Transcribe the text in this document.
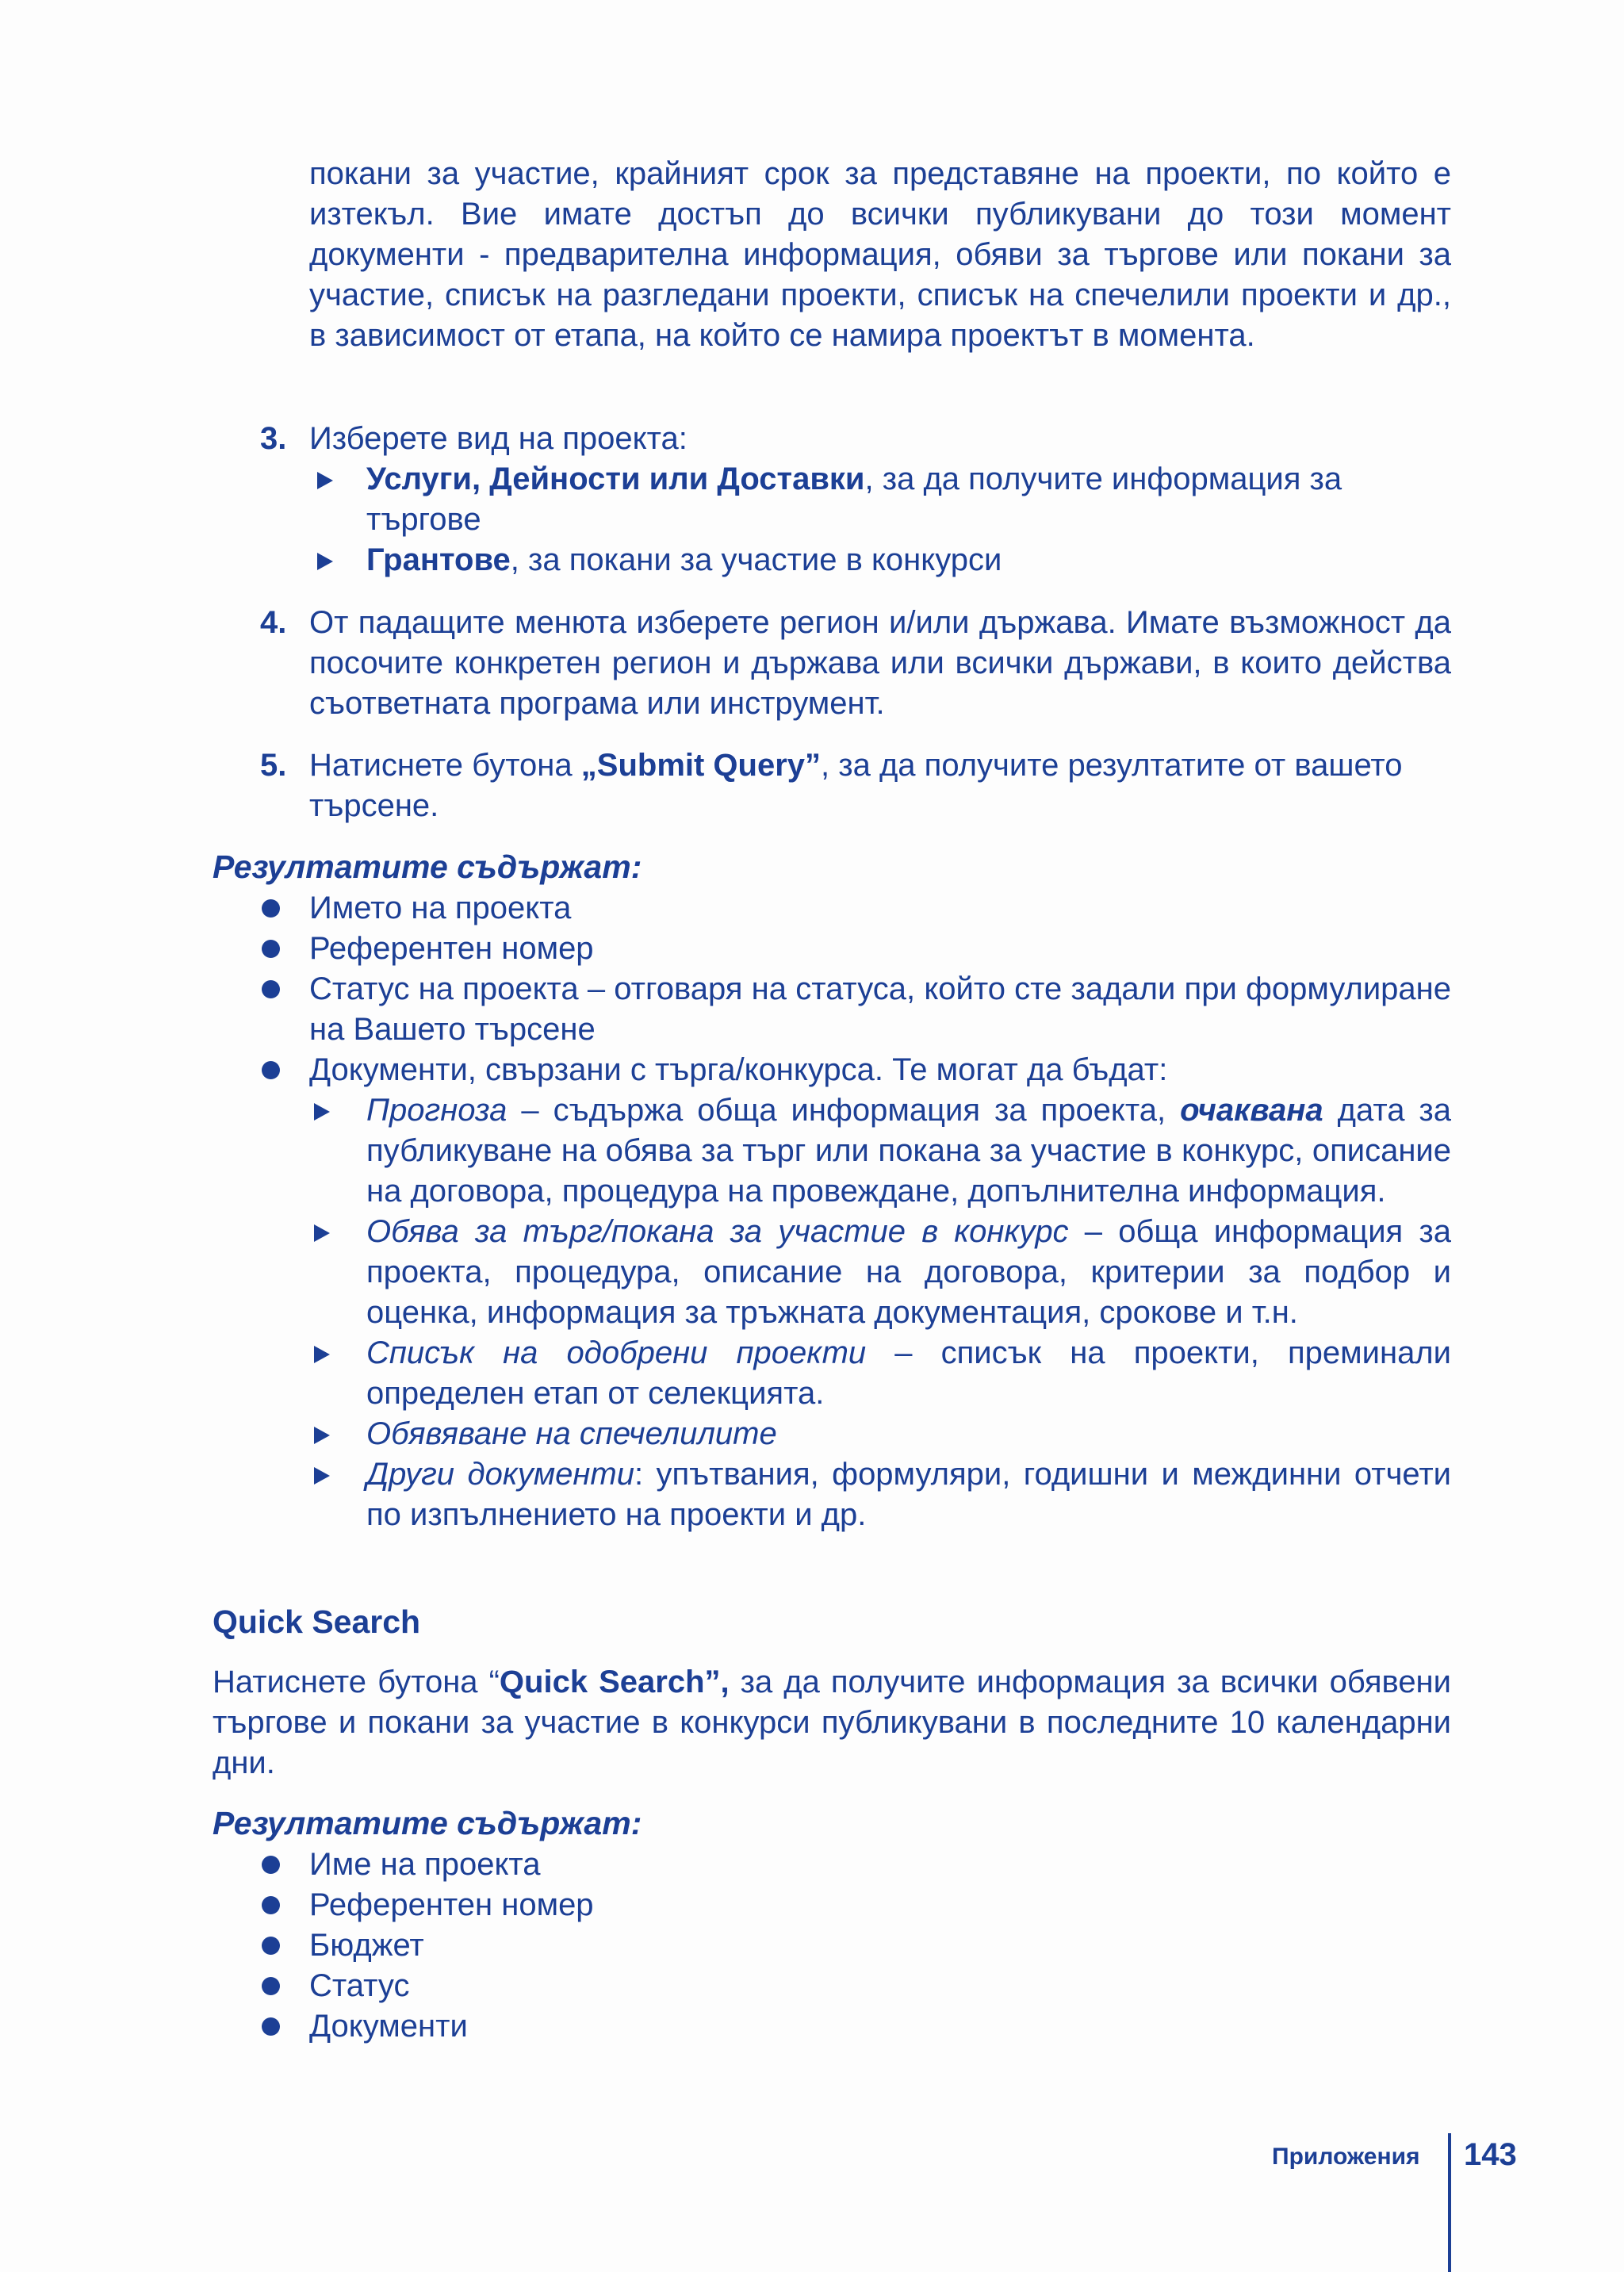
покани за участие, крайният срок за представяне на проекти, по който е изтекъл. Вие имате достъп до всички публикувани до този момент документи - предварителна информация, обяви за търгове или покани за участие, списък на разгледани проекти, списък на спечелили проекти и др., в зависимост от етапа, на който се намира проектът в момента.
3. Изберете вид на проекта:
Услуги, Дейности или Доставки, за да получите информация за търгове
Грантове, за покани за участие в конкурси
4. От падащите менюта изберете регион и/или държава. Имате възможност да посочите конкретен регион и държава или всички държави, в които действа съответната програма или инструмент.
5. Натиснете бутона „Submit Query”, за да получите резултатите от вашето търсене.
Резултатите съдържат:
Името на проекта
Референтен номер
Статус на проекта – отговаря на статуса, който сте задали при формулиране на Вашето търсене
Документи, свързани с търга/конкурса. Те могат да бъдат:
Прогноза – съдържа обща информация за проекта, очаквана дата за публикуване на обява за търг или покана за участие в конкурс, описание на договора, процедура на провеждане, допълнителна информация.
Обява за търг/покана за участие в конкурс – обща информация за проекта, процедура, описание на договора, критерии за подбор и оценка, информация за тръжната документация, срокове и т.н.
Списък на одобрени проекти – списък на проекти, преминали определен етап от селекцията.
Обявяване на спечелилите
Други документи: упътвания, формуляри, годишни и междинни отчети по изпълнението на проекти и др.
Quick Search
Натиснете бутона “Quick Search”, за да получите информация за всички обявени търгове и покани за участие в конкурси публикувани в последните 10 календарни дни.
Резултатите съдържат:
Име на проекта
Референтен номер
Бюджет
Статус
Документи
Приложения 143
